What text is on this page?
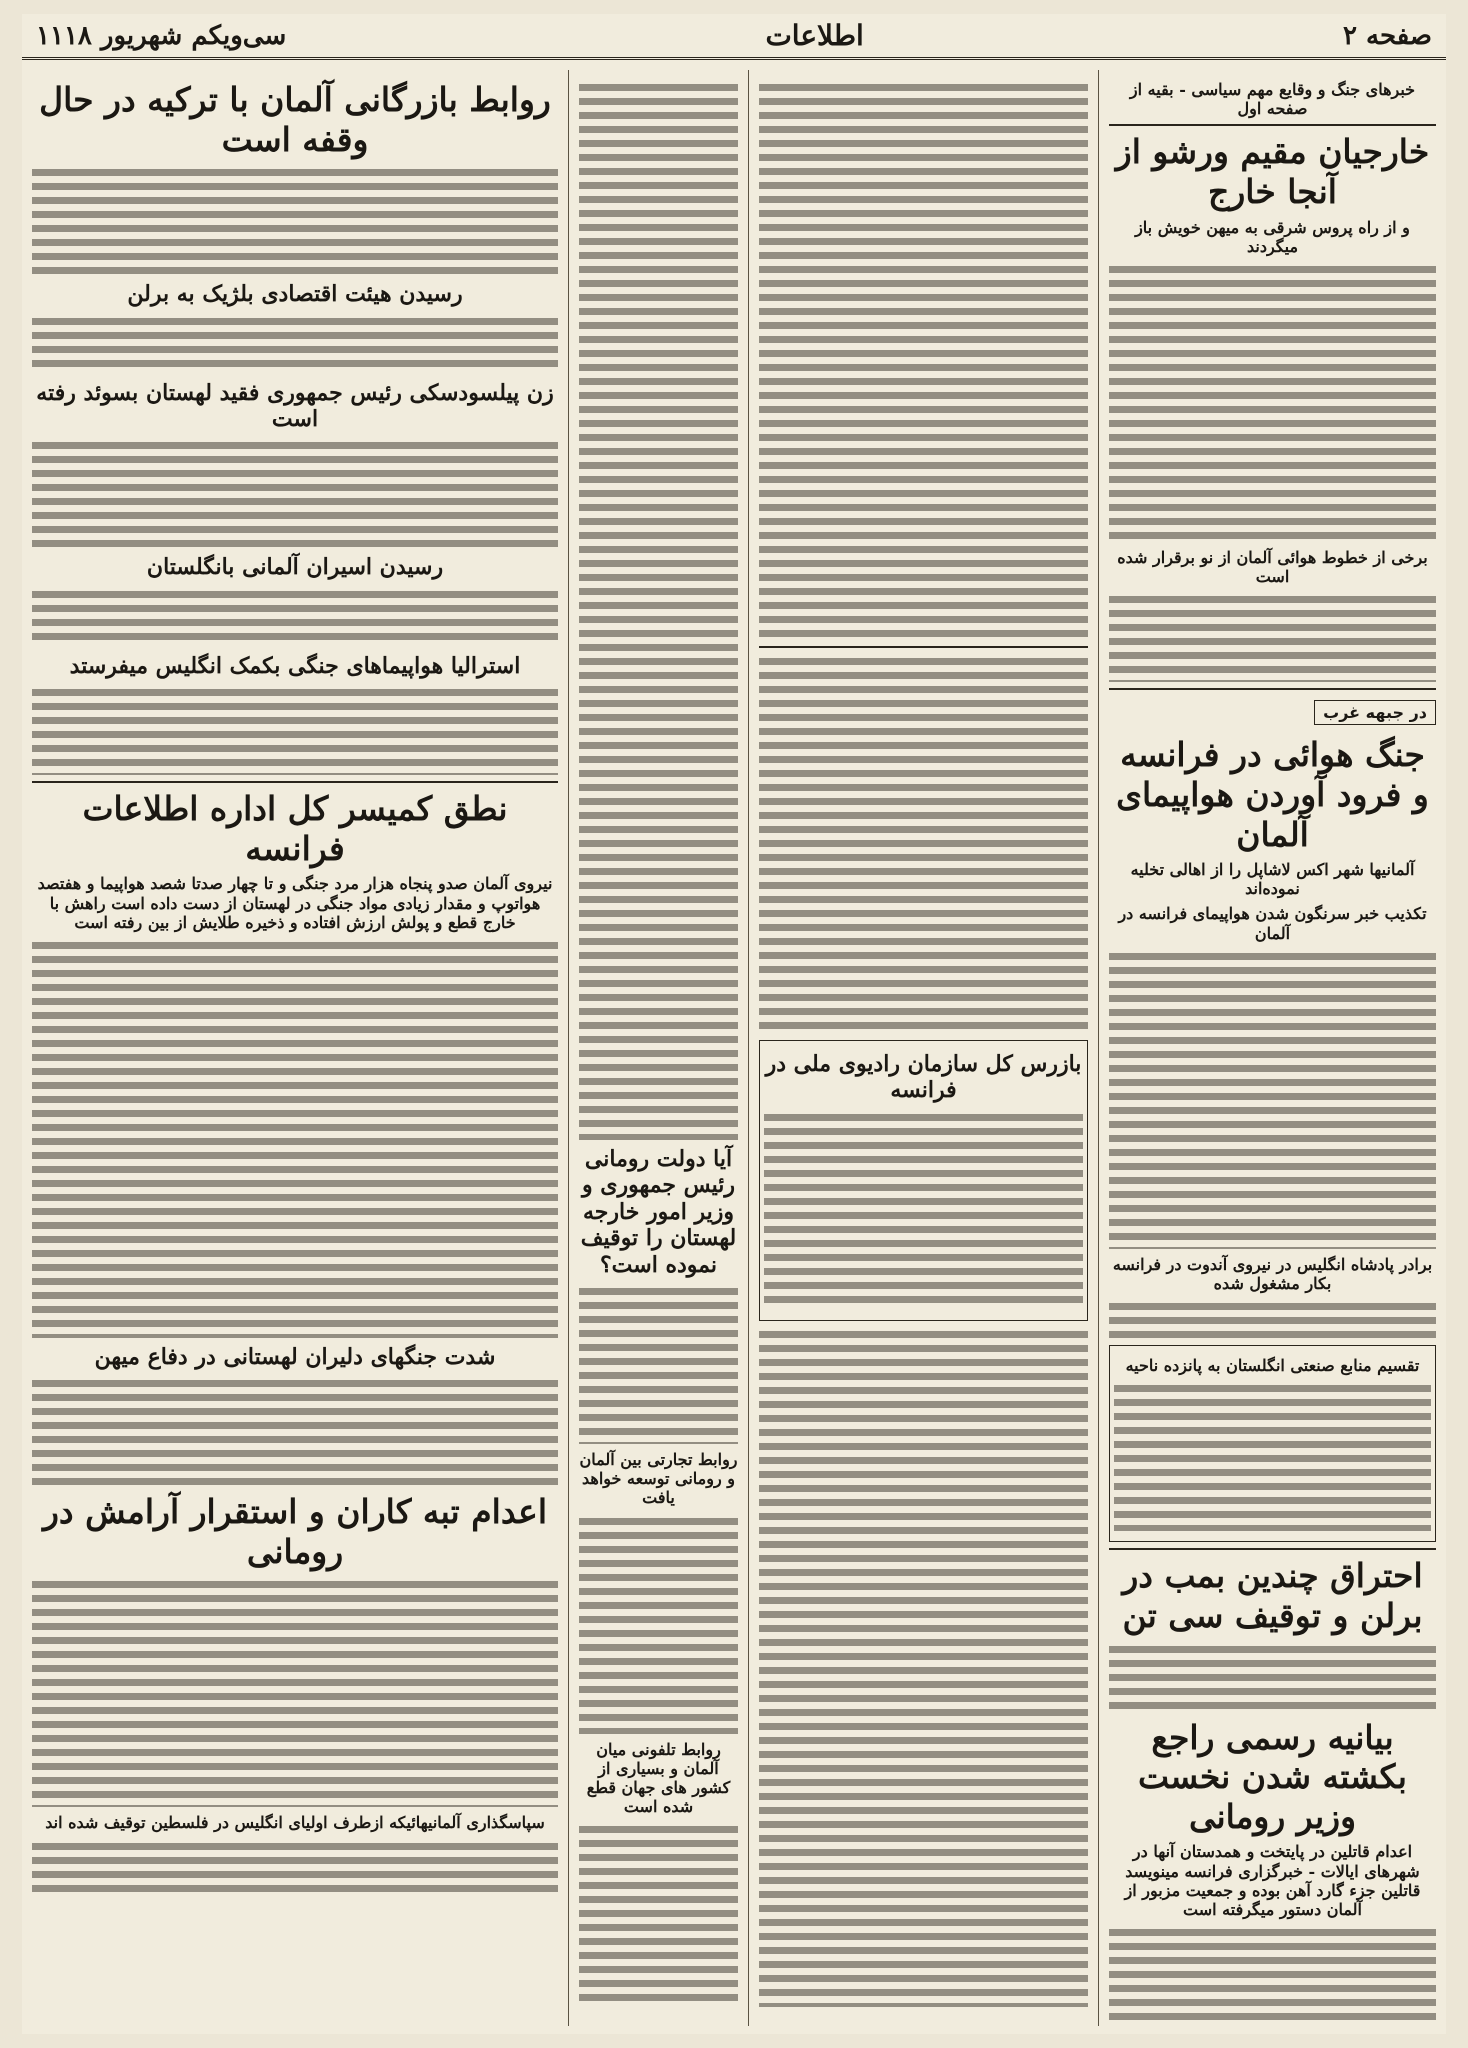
صفحه ۲
اطلاعات
سی‌ویکم شهریور ۱۱۱۸
خبرهای جنگ و وقایع مهم سیاسی - بقیه از صفحه اول
خارجیان مقیم ورشو از آنجا خارج
و از راه پروس شرقی به میهن خویش باز میگردند
برخی از خطوط هوائی آلمان از نو برقرار شده است
در جبهه غرب
جنگ هوائی در فرانسه و فرود آوردن هواپیمای آلمان
آلمانیها شهر اکس لاشاپل را از اهالی تخلیه نموده‌اند
تکذیب خبر سرنگون شدن هواپیمای فرانسه در آلمان
برادر پادشاه انگلیس در نیروی آندوت در فرانسه بکار مشغول شده
تقسیم منابع صنعتی انگلستان به پانزده ناحیه
احتراق چندین بمب در برلن و توقیف سی تن
بیانیه رسمی راجع بکشته شدن نخست وزیر رومانی
اعدام قاتلین در پایتخت و همدستان آنها در شهرهای ایالات - خبرگزاری فرانسه مینویسد قاتلین جزء گارد آهن بوده و جمعیت مزبور از آلمان دستور میگرفته است
بازرس کل سازمان رادیوی ملی در فرانسه
آیا دولت رومانی رئیس جمهوری و وزیر امور خارجه لهستان را توقیف نموده است؟
روابط تجارتی بین آلمان و رومانی توسعه خواهد یافت
روابط تلفونی میان آلمان و بسیاری از کشور های جهان قطع شده است
روابط بازرگانی آلمان با ترکیه در حال وقفه است
رسیدن هیئت اقتصادی بلژیک به برلن
زن پیلسودسکی رئیس جمهوری فقید لهستان بسوئد رفته است
رسیدن اسیران آلمانی بانگلستان
استرالیا هواپیماهای جنگی بکمک انگلیس میفرستد
نطق کمیسر کل اداره اطلاعات فرانسه
نیروی آلمان صدو پنجاه هزار مرد جنگی و تا چهار صدتا شصد هواپیما و هفتصد هواتوپ و مقدار زیادی مواد جنگی در لهستان از دست داده است راهش با خارج قطع و پولش ارزش افتاده و ذخیره طلایش از بین رفته است
شدت جنگهای دلیران لهستانی در دفاع میهن
اعدام تبه کاران و استقرار آرامش در رومانی
سپاسگذاری آلمانیهائیکه ازطرف اولیای انگلیس در فلسطین توقیف شده اند
